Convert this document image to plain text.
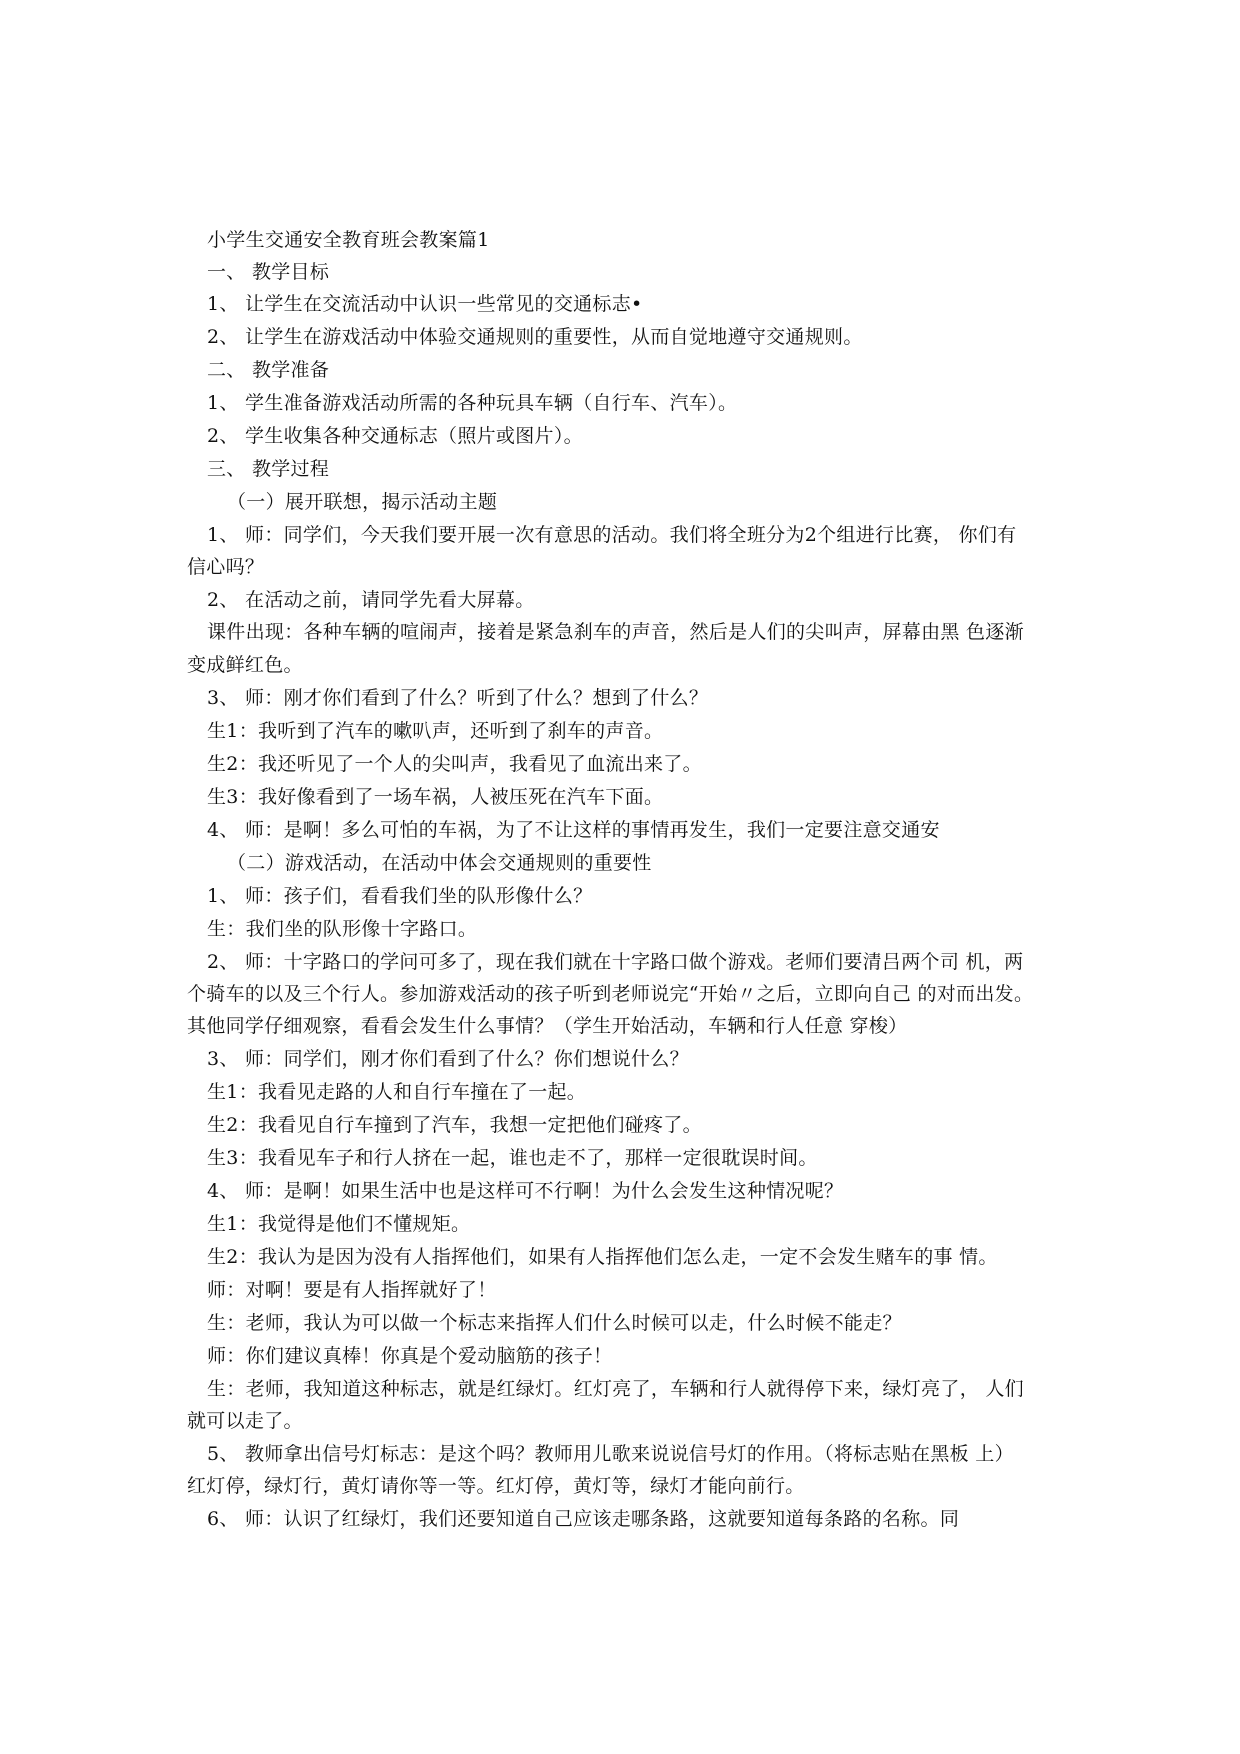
小学生交通安全教育班会教案篇1
一、 教学目标
1、 让学生在交流活动中认识一些常见的交通标志•
2、 让学生在游戏活动中体验交通规则的重要性，从而自觉地遵守交通规则。
二、 教学准备
1、 学生准备游戏活动所需的各种玩具车辆（自行车、汽车）。
2、 学生收集各种交通标志（照片或图片）。
三、 教学过程
（一）展开联想，揭示活动主题
1、 师：同学们，今天我们要开展一次有意思的活动。我们将全班分为2个组进行比赛， 你们有
信心吗？
2、 在活动之前，请同学先看大屏幕。
课件出现：各种车辆的喧闹声，接着是紧急刹车的声音，然后是人们的尖叫声，屏幕由黑 色逐渐
变成鲜红色。
3、 师：刚才你们看到了什么？听到了什么？想到了什么？
生1：我听到了汽车的嗽叭声，还听到了刹车的声音。
生2：我还听见了一个人的尖叫声，我看见了血流出来了。
生3：我好像看到了一场车祸，人被压死在汽车下面。
4、 师：是啊！多么可怕的车祸，为了不让这样的事情再发生，我们一定要注意交通安
（二）游戏活动，在活动中体会交通规则的重要性
1、 师：孩子们，看看我们坐的队形像什么？
生：我们坐的队形像十字路口。
2、 师：十字路口的学问可多了，现在我们就在十字路口做个游戏。老师们要清吕两个司 机，两
个骑车的以及三个行人。参加游戏活动的孩子听到老师说完“开始〃之后，立即向自己 的对而出发。
其他同学仔细观察，看看会发生什么事情？（学生开始活动，车辆和行人任意 穿梭）
3、 师：同学们，刚才你们看到了什么？你们想说什么？
生1：我看见走路的人和自行车撞在了一起。
生2：我看见自行车撞到了汽车，我想一定把他们碰疼了。
生3：我看见车子和行人挤在一起，谁也走不了，那样一定很耽误时间。
4、 师：是啊！如果生活中也是这样可不行啊！为什么会发生这种情况呢？
生1：我觉得是他们不懂规矩。
生2：我认为是因为没有人指挥他们，如果有人指挥他们怎么走，一定不会发生赌车的事 情。
师：对啊！要是有人指挥就好了！
生：老师，我认为可以做一个标志来指挥人们什么时候可以走，什么时候不能走？
师：你们建议真棒！你真是个爱动脑筋的孩子！
生：老师，我知道这种标志，就是红绿灯。红灯亮了，车辆和行人就得停下来，绿灯亮了， 人们
就可以走了。
5、 教师拿出信号灯标志：是这个吗？教师用儿歌来说说信号灯的作用。（将标志贴在黑板 上）
红灯停，绿灯行，黄灯请你等一等。红灯停，黄灯等，绿灯才能向前行。
6、 师：认识了红绿灯，我们还要知道自己应该走哪条路，这就要知道每条路的名称。同
